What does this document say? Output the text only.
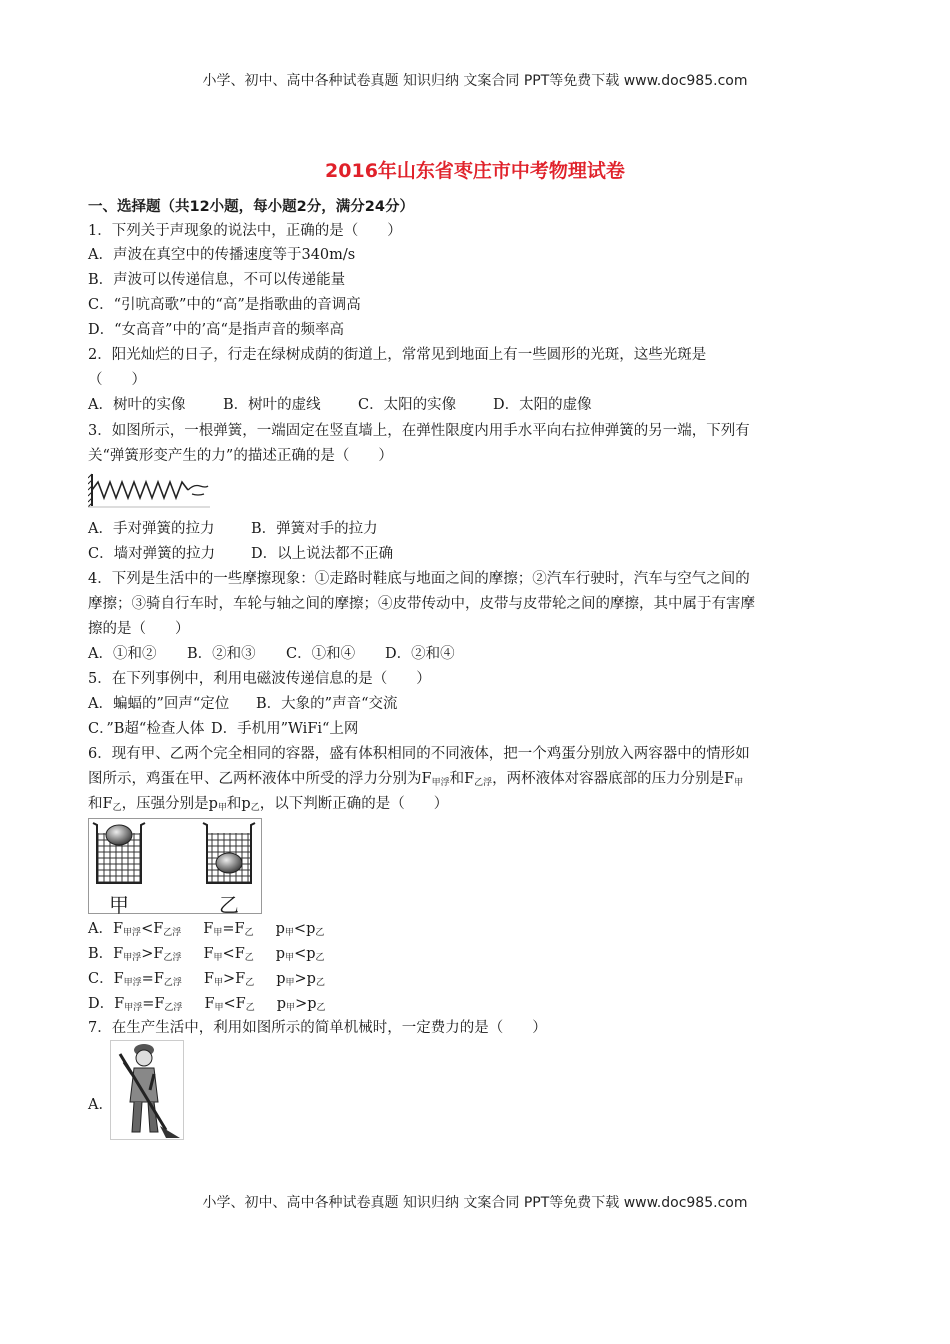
小学、初中、高中各种试卷真题 知识归纳 文案合同 PPT等免费下载 www.doc985.com
2016年山东省枣庄市中考物理试卷
一、选择题（共12小题，每小题2分，满分24分）
1．下列关于声现象的说法中，正确的是（　　）
A．声波在真空中的传播速度等于340m/s
B．声波可以传递信息，不可以传递能量
C．“引吭高歌”中的“高”是指歌曲的音调高
D．“女高音”中的’高“是指声音的频率高
2．阳光灿烂的日子，行走在绿树成荫的街道上，常常见到地面上有一些圆形的光斑，这些光斑是
（　　）
A．树叶的实像	B．树叶的虚线	C．太阳的实像	D．太阳的虚像
3．如图所示，一根弹簧，一端固定在竖直墙上，在弹性限度内用手水平向右拉伸弹簧的另一端，下列有
关“弹簧形变产生的力”的描述正确的是（　　）
A．手对弹簧的拉力	B．弹簧对手的拉力
C．墙对弹簧的拉力 D．以上说法都不正确
4．下列是生活中的一些摩擦现象：①走路时鞋底与地面之间的摩擦；②汽车行驶时，汽车与空气之间的
摩擦；③骑自行车时，车轮与轴之间的摩擦；④皮带传动中，皮带与皮带轮之间的摩擦，其中属于有害摩
擦的是（　　）
A．①和② B．②和③ C．①和④ D．②和④
5．在下列事例中，利用电磁波传递信息的是（　　）
A．蝙蝠的”回声“定位 B．大象的”声音“交流
C．”B超“检查人体 D．手机用”WiFi“上网
6．现有甲、乙两个完全相同的容器，盛有体积相同的不同液体，把一个鸡蛋分别放入两容器中的情形如
图所示，鸡蛋在甲、乙两杯液体中所受的浮力分别为$F_{甲浮}$和$F_{乙浮}$，两杯液体对容器底部的压力分别是$F_甲$
和$F_乙$，压强分别是$p_甲$和$p_乙$，以下判断正确的是（　　）
甲	乙
A．$F_{甲浮}<F_{乙浮}$ $F_甲=F_乙$ $p_甲<p_乙$
B．$F_{甲浮}>F_{乙浮}$ $F_甲<F_乙$ $p_甲<p_乙$
C．$F_{甲浮}=F_{乙浮}$ $F_甲>F_乙$ $p_甲>p_乙$
D．$F_{甲浮}=F_{乙浮}$ $F_甲<F_乙$ $p_甲>p_乙$
7．在生产生活中，利用如图所示的简单机械时，一定费力的是（　　）
A．
小学、初中、高中各种试卷真题 知识归纳 文案合同 PPT等免费下载 www.doc985.com
